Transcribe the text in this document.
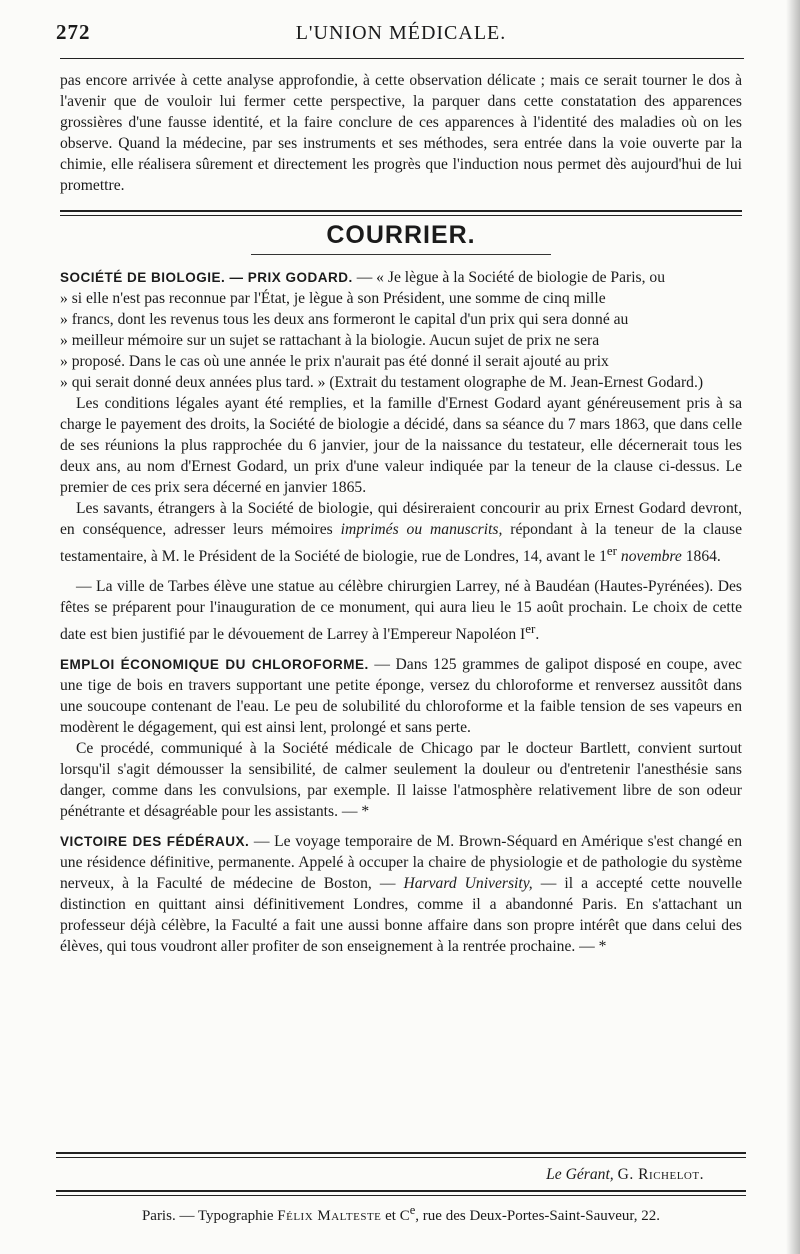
272	L'UNION MÉDICALE.

pas encore arrivée à cette analyse approfondie, à cette observation délicate ; mais ce serait tourner le dos à l'avenir que de vouloir lui fermer cette perspective, la parquer dans cette constatation des apparences grossières d'une fausse identité, et la faire conclure de ces apparences à l'identité des maladies où on les observe. Quand la médecine, par ses instruments et ses méthodes, sera entrée dans la voie ouverte par la chimie, elle réalisera sûrement et directement les progrès que l'induction nous permet dès aujourd'hui de lui promettre.

COURRIER.

SOCIÉTÉ DE BIOLOGIE. — PRIX GODARD. — « Je lègue à la Société de biologie de Paris, ou

» si elle n'est pas reconnue par l'État, je lègue à son Président, une somme de cinq mille

» francs, dont les revenus tous les deux ans formeront le capital d'un prix qui sera donné au

» meilleur mémoire sur un sujet se rattachant à la biologie. Aucun sujet de prix ne sera

» proposé. Dans le cas où une année le prix n'aurait pas été donné il serait ajouté au prix

» qui serait donné deux années plus tard. » (Extrait du testament olographe de M. Jean-Ernest Godard.)

Les conditions légales ayant été remplies, et la famille d'Ernest Godard ayant généreusement pris à sa charge le payement des droits, la Société de biologie a décidé, dans sa séance du 7 mars 1863, que dans celle de ses réunions la plus rapprochée du 6 janvier, jour de la naissance du testateur, elle décernerait tous les deux ans, au nom d'Ernest Godard, un prix d'une valeur indiquée par la teneur de la clause ci-dessus. Le premier de ces prix sera décerné en janvier 1865.

Les savants, étrangers à la Société de biologie, qui désireraient concourir au prix Ernest Godard devront, en conséquence, adresser leurs mémoires imprimés ou manuscrits, répondant à la teneur de la clause testamentaire, à M. le Président de la Société de biologie, rue de Londres, 14, avant le 1er novembre 1864.

— La ville de Tarbes élève une statue au célèbre chirurgien Larrey, né à Baudéan (Hautes-Pyrénées). Des fêtes se préparent pour l'inauguration de ce monument, qui aura lieu le 15 août prochain. Le choix de cette date est bien justifié par le dévouement de Larrey à l'Empereur Napoléon Ier.

EMPLOI ÉCONOMIQUE DU CHLOROFORME. — Dans 125 grammes de galipot disposé en coupe, avec une tige de bois en travers supportant une petite éponge, versez du chloroforme et renversez aussitôt dans une soucoupe contenant de l'eau. Le peu de solubilité du chloroforme et la faible tension de ses vapeurs en modèrent le dégagement, qui est ainsi lent, prolongé et sans perte.

Ce procédé, communiqué à la Société médicale de Chicago par le docteur Bartlett, convient surtout lorsqu'il s'agit démousser la sensibilité, de calmer seulement la douleur ou d'entretenir l'anesthésie sans danger, comme dans les convulsions, par exemple. Il laisse l'atmosphère relativement libre de son odeur pénétrante et désagréable pour les assistants. — *

VICTOIRE DES FÉDÉRAUX. — Le voyage temporaire de M. Brown-Séquard en Amérique s'est changé en une résidence définitive, permanente. Appelé à occuper la chaire de physiologie et de pathologie du système nerveux, à la Faculté de médecine de Boston, — Harvard University, — il a accepté cette nouvelle distinction en quittant ainsi définitivement Londres, comme il a abandonné Paris. En s'attachant un professeur déjà célèbre, la Faculté a fait une aussi bonne affaire dans son propre intérêt que dans celui des élèves, qui tous voudront aller profiter de son enseignement à la rentrée prochaine. — *

Le Gérant, G. Richelot.
Paris. — Typographie Félix Malteste et Ce, rue des Deux-Portes-Saint-Sauveur, 22.
